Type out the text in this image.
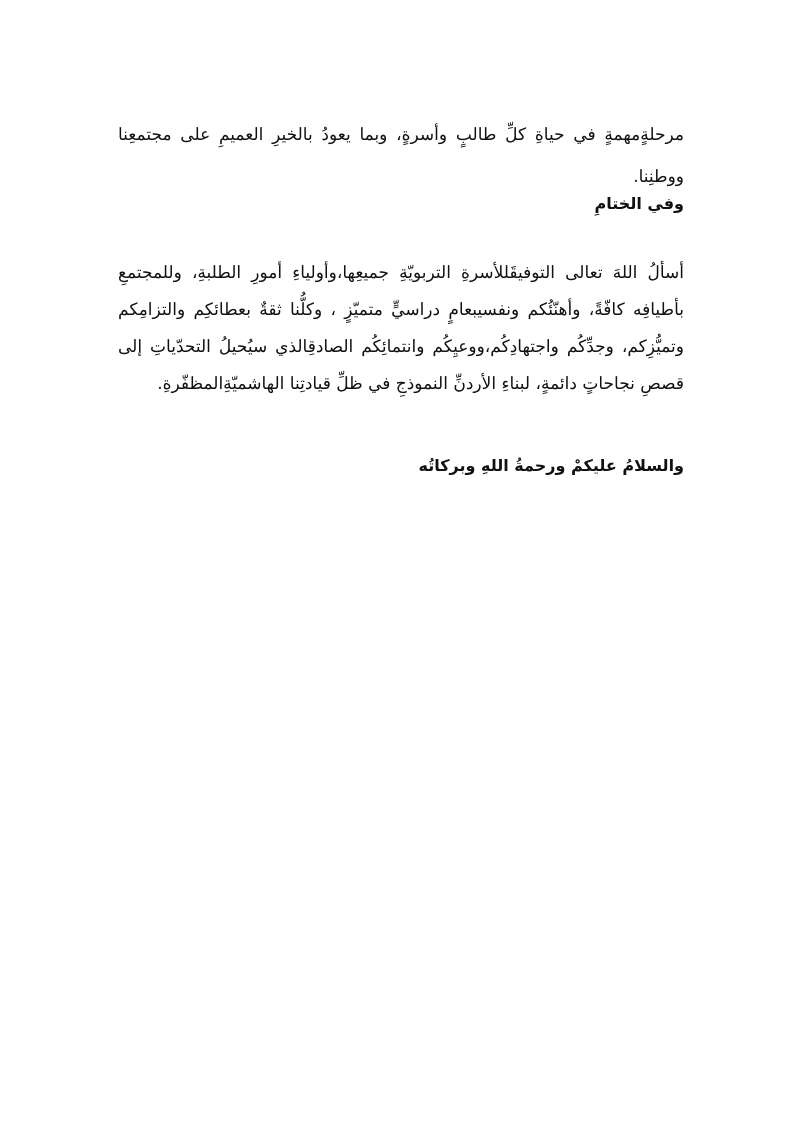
مرحلةٍمهمةٍ في حياةِ كلِّ طالبٍ وأسرةٍ، وبما يعودُ بالخيرِ العميمِ على مجتمعِنا ووطنِنا.

وفي الختامِ

أسألُ اللهَ تعالى التوفيقَللأسرةِ التربويّةِ جميعِها،وأولياءِ أمورِ الطلبةِ، وللمجتمعِ بأطيافِه كافّةً، وأهنّئُكم ونفسيبعامٍ دراسيٍّ متميّزٍ ، وكلُّنا ثقةٌ بعطائكِم والتزامِكم وتميُّزِكم، وجدِّكُم واجتهادِكُم،ووعيِكُم وانتمائِكُم الصادقِالذي سيُحيلُ التحدّياتِ إلى قصصِ نجاحاتٍ دائمةٍ، لبناءِ الأردنِّ النموذجِ في ظلِّ قيادتِنا الهاشميّةِالمظفّرةِ.

والسلامُ عليكمْ ورحمةُ اللهِ وبركاتُه
